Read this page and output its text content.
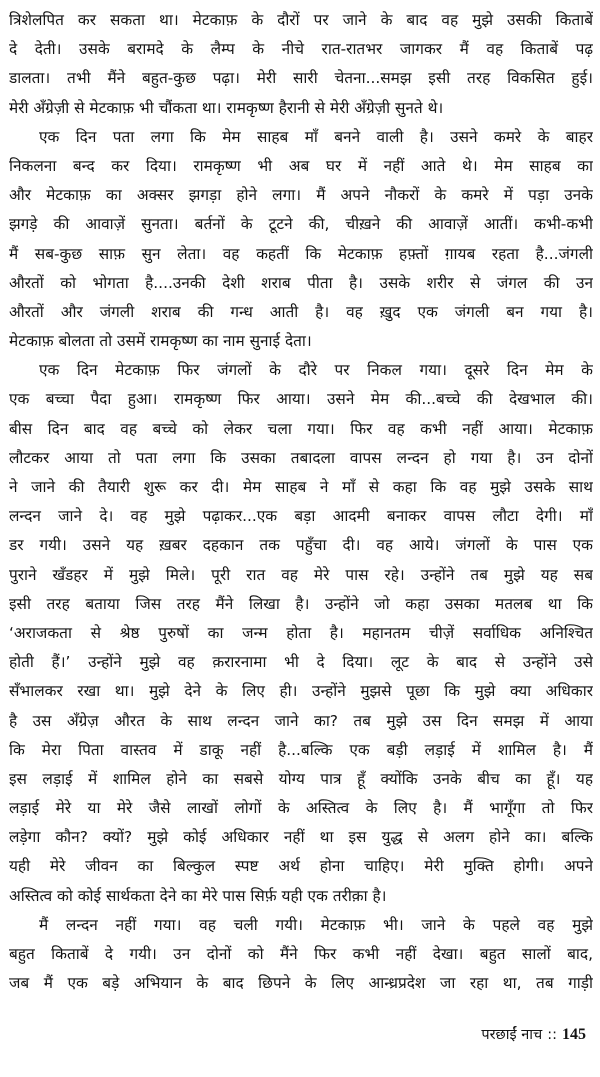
त्रिशेलपित कर सकता था। मेटकाफ़ के दौरों पर जाने के बाद वह मुझे उसकी किताबें
दे देती। उसके बरामदे के लैम्प के नीचे रात-रातभर जागकर मैं वह किताबें पढ़
डालता। तभी मैंने बहुत-कुछ पढ़ा। मेरी सारी चेतना...समझ इसी तरह विकसित हुई।
मेरी अँग्रेज़ी से मेटकाफ़ भी चौंकता था। रामकृष्ण हैरानी से मेरी अँग्रेज़ी सुनते थे।
एक दिन पता लगा कि मेम साहब माँ बनने वाली है। उसने कमरे के बाहर
निकलना बन्द कर दिया। रामकृष्ण भी अब घर में नहीं आते थे। मेम साहब का
और मेटकाफ़ का अक्सर झगड़ा होने लगा। मैं अपने नौकरों के कमरे में पड़ा उनके
झगड़े की आवाज़ें सुनता। बर्तनों के टूटने की, चीख़ने की आवाज़ें आतीं। कभी-कभी
मैं सब-कुछ साफ़ सुन लेता। वह कहतीं कि मेटकाफ़ हफ़्तों ग़ायब रहता है...जंगली
औरतों को भोगता है....उनकी देशी शराब पीता है। उसके शरीर से जंगल की उन
औरतों और जंगली शराब की गन्ध आती है। वह ख़ुद एक जंगली बन गया है।
मेटकाफ़ बोलता तो उसमें रामकृष्ण का नाम सुनाई देता।
एक दिन मेटकाफ़ फिर जंगलों के दौरे पर निकल गया। दूसरे दिन मेम के
एक बच्चा पैदा हुआ। रामकृष्ण फिर आया। उसने मेम की...बच्चे की देखभाल की।
बीस दिन बाद वह बच्चे को लेकर चला गया। फिर वह कभी नहीं आया। मेटकाफ़
लौटकर आया तो पता लगा कि उसका तबादला वापस लन्दन हो गया है। उन दोनों
ने जाने की तैयारी शुरू कर दी। मेम साहब ने माँ से कहा कि वह मुझे उसके साथ
लन्दन जाने दे। वह मुझे पढ़ाकर...एक बड़ा आदमी बनाकर वापस लौटा देगी। माँ
डर गयी। उसने यह ख़बर दहकान तक पहुँचा दी। वह आये। जंगलों के पास एक
पुराने खँडहर में मुझे मिले। पूरी रात वह मेरे पास रहे। उन्होंने तब मुझे यह सब
इसी तरह बताया जिस तरह मैंने लिखा है। उन्होंने जो कहा उसका मतलब था कि
‘अराजकता से श्रेष्ठ पुरुषों का जन्म होता है। महानतम चीज़ें सर्वाधिक अनिश्चित
होती हैं।’ उन्होंने मुझे वह क़रारनामा भी दे दिया। लूट के बाद से उन्होंने उसे
सँभालकर रखा था। मुझे देने के लिए ही। उन्होंने मुझसे पूछा कि मुझे क्या अधिकार
है उस अँग्रेज़ औरत के साथ लन्दन जाने का? तब मुझे उस दिन समझ में आया
कि मेरा पिता वास्तव में डाकू नहीं है...बल्कि एक बड़ी लड़ाई में शामिल है। मैं
इस लड़ाई में शामिल होने का सबसे योग्य पात्र हूँ क्योंकि उनके बीच का हूँ। यह
लड़ाई मेरे या मेरे जैसे लाखों लोगों के अस्तित्व के लिए है। मैं भागूँगा तो फिर
लड़ेगा कौन? क्यों? मुझे कोई अधिकार नहीं था इस युद्ध से अलग होने का। बल्कि
यही मेरे जीवन का बिल्कुल स्पष्ट अर्थ होना चाहिए। मेरी मुक्ति होगी। अपने
अस्तित्व को कोई सार्थकता देने का मेरे पास सिर्फ़ यही एक तरीक़ा है।
मैं लन्दन नहीं गया। वह चली गयी। मेटकाफ़ भी। जाने के पहले वह मुझे
बहुत किताबें दे गयी। उन दोनों को मैंने फिर कभी नहीं देखा। बहुत सालों बाद,
जब मैं एक बड़े अभियान के बाद छिपने के लिए आन्ध्रप्रदेश जा रहा था, तब गाड़ी
परछाईं नाच :: 145
